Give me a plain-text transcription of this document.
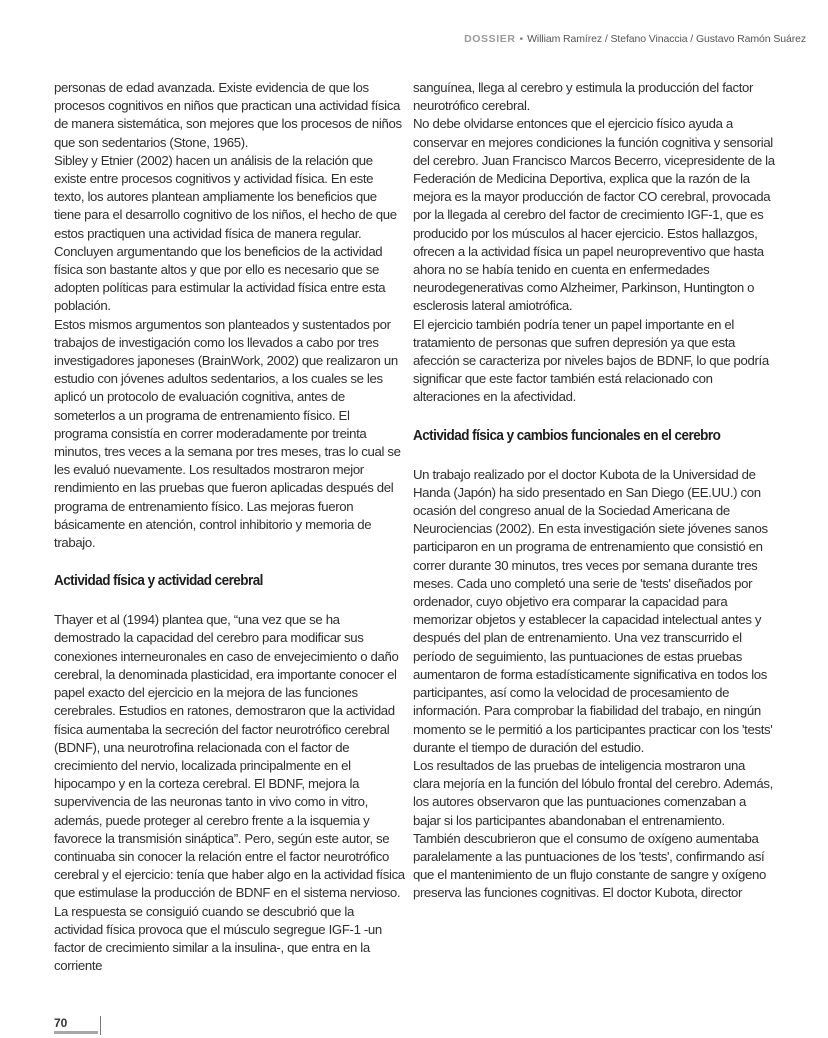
DOSSIER • William Ramírez / Stefano Vinaccia / Gustavo Ramón Suárez

personas de edad avanzada. Existe evidencia de que los procesos cognitivos en niños que practican una actividad física de manera sistemática, son mejores que los procesos de niños que son sedentarios (Stone, 1965).

Sibley y Etnier (2002) hacen un análisis de la relación que existe entre procesos cognitivos y actividad física. En este texto, los autores plantean ampliamente los beneficios que tiene para el desarrollo cognitivo de los niños, el hecho de que estos practiquen una actividad física de manera regular. Concluyen argumentando que los beneficios de la actividad física son bastante altos y que por ello es necesario que se adopten políticas para estimular la actividad física entre esta población.

Estos mismos argumentos son planteados y sustentados por trabajos de investigación como los llevados a cabo por tres investigadores japoneses (BrainWork, 2002) que realizaron un estudio con jóvenes adultos sedentarios, a los cuales se les aplicó un protocolo de evaluación cognitiva, antes de someterlos a un programa de entrenamiento físico. El programa consistía en correr moderadamente por treinta minutos, tres veces a la semana por tres meses, tras lo cual se les evaluó nuevamente. Los resultados mostraron mejor rendimiento en las pruebas que fueron aplicadas después del programa de entrenamiento físico. Las mejoras fueron básicamente en atención, control inhibitorio y memoria de trabajo.

Actividad física y actividad cerebral

Thayer et al (1994) plantea que, “una vez que se ha demostrado la capacidad del cerebro para modificar sus conexiones interneuronales en caso de envejecimiento o daño cerebral, la denominada plasticidad, era importante conocer el papel exacto del ejercicio en la mejora de las funciones cerebrales. Estudios en ratones, demostraron que la actividad física aumentaba la secreción del factor neurotrófico cerebral (BDNF), una neurotrofina relacionada con el factor de crecimiento del nervio, localizada principalmente en el hipocampo y en la corteza cerebral. El BDNF, mejora la supervivencia de las neuronas tanto in vivo como in vitro, además, puede proteger al cerebro frente a la isquemia y favorece la transmisión sináptica”. Pero, según este autor, se continuaba sin conocer la relación entre el factor neurotrófico cerebral y el ejercicio: tenía que haber algo en la actividad física que estimulase la producción de BDNF en el sistema nervioso. La respuesta se consiguió cuando se descubrió que la actividad física provoca que el músculo segregue IGF-1 -un factor de crecimiento similar a la insulina-, que entra en la corriente

sanguínea, llega al cerebro y estimula la producción del factor neurotrófico cerebral.

No debe olvidarse entonces que el ejercicio físico ayuda a conservar en mejores condiciones la función cognitiva y sensorial del cerebro. Juan Francisco Marcos Becerro, vicepresidente de la Federación de Medicina Deportiva, explica que la razón de la mejora es la mayor producción de factor CO cerebral, provocada por la llegada al cerebro del factor de crecimiento IGF-1, que es producido por los músculos al hacer ejercicio. Estos hallazgos, ofrecen a la actividad física un papel neuropreventivo que hasta ahora no se había tenido en cuenta en enfermedades neurodegenerativas como Alzheimer, Parkinson, Huntington o esclerosis lateral amiotrófica.

El ejercicio también podría tener un papel importante en el tratamiento de personas que sufren depresión ya que esta afección se caracteriza por niveles bajos de BDNF, lo que podría significar que este factor también está relacionado con alteraciones en la afectividad.

Actividad física y cambios funcionales en el cerebro

Un trabajo realizado por el doctor Kubota de la Universidad de Handa (Japón) ha sido presentado en San Diego (EE.UU.) con ocasión del congreso anual de la Sociedad Americana de Neurociencias (2002). En esta investigación siete jóvenes sanos participaron en un programa de entrenamiento que consistió en correr durante 30 minutos, tres veces por semana durante tres meses. Cada uno completó una serie de 'tests' diseñados por ordenador, cuyo objetivo era comparar la capacidad para memorizar objetos y establecer la capacidad intelectual antes y después del plan de entrenamiento. Una vez transcurrido el período de seguimiento, las puntuaciones de estas pruebas aumentaron de forma estadísticamente significativa en todos los participantes, así como la velocidad de procesamiento de información. Para comprobar la fiabilidad del trabajo, en ningún momento se le permitió a los participantes practicar con los 'tests' durante el tiempo de duración del estudio.

Los resultados de las pruebas de inteligencia mostraron una clara mejoría en la función del lóbulo frontal del cerebro. Además, los autores observaron que las puntuaciones comenzaban a bajar si los participantes abandonaban el entrenamiento. También descubrieron que el consumo de oxígeno aumentaba paralelamente a las puntuaciones de los 'tests', confirmando así que el mantenimiento de un flujo constante de sangre y oxígeno preserva las funciones cognitivas. El doctor Kubota, director

70
